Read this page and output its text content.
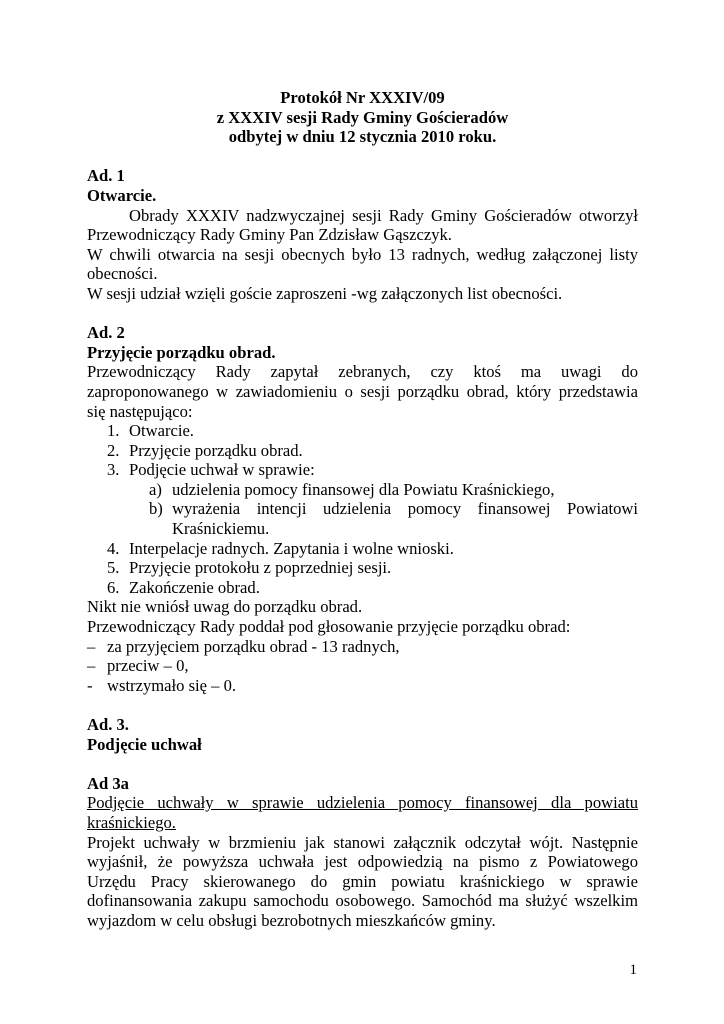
Protokół Nr XXXIV/09

z XXXIV sesji Rady Gminy Gościeradów

odbytej w dniu 12 stycznia 2010 roku.

Ad. 1

Otwarcie.

Obrady XXXIV nadzwyczajnej sesji Rady Gminy Gościeradów otworzył

Przewodniczący Rady Gminy Pan Zdzisław Gąszczyk.

W chwili otwarcia na sesji obecnych było 13 radnych, według załączonej listy

obecności.

W sesji udział wzięli goście zaproszeni -wg załączonych list obecności.

Ad. 2

Przyjęcie porządku obrad.

Przewodniczący Rady zapytał zebranych, czy ktoś ma uwagi do

zaproponowanego w zawiadomieniu o sesji porządku obrad, który przedstawia

się następująco:

1. Otwarcie.
2. Przyjęcie porządku obrad.
3. Podjęcie uchwał w sprawie:
a) udzielenia pomocy finansowej dla Powiatu Kraśnickiego,
b) wyrażenia intencji udzielenia pomocy finansowej Powiatowi

Kraśnickiemu.

4. Interpelacje radnych. Zapytania i wolne wnioski.
5. Przyjęcie protokołu z poprzedniej sesji.
6. Zakończenie obrad.

Nikt nie wniósł uwag do porządku obrad.

Przewodniczący Rady poddał pod głosowanie przyjęcie porządku obrad:

– za przyjęciem porządku obrad - 13 radnych,
– przeciw – 0,
- wstrzymało się – 0.

Ad. 3.

Podjęcie uchwał

Ad 3a

Podjęcie uchwały w sprawie udzielenia pomocy finansowej dla powiatu

kraśnickiego.

Projekt uchwały w brzmieniu jak stanowi załącznik odczytał wójt. Następnie

wyjaśnił, że powyższa uchwała jest odpowiedzią na pismo z Powiatowego

Urzędu Pracy skierowanego do gmin powiatu kraśnickiego w sprawie

dofinansowania zakupu samochodu osobowego. Samochód ma służyć wszelkim

wyjazdom w celu obsługi bezrobotnych mieszkańców gminy.

1
